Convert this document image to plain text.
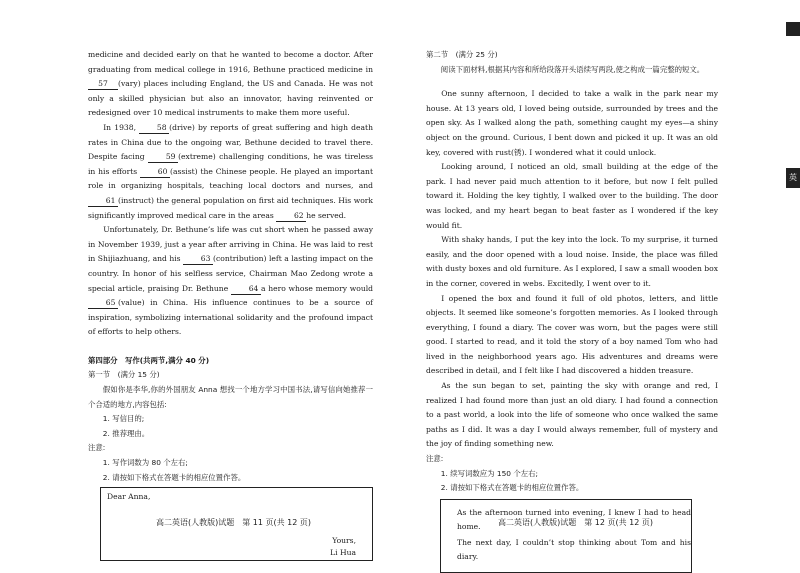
medicine and decided early on that he wanted to become a doctor. After graduating from medical college in 1916, Bethune practiced medicine in 57 (vary) places including England, the US and Canada. He was not only a skilled physician but also an innovator, having reinvented or redesigned over 10 medical instruments to make them more useful.

In 1938, 58 (drive) by reports of great suffering and high death rates in China due to the ongoing war, Bethune decided to travel there. Despite facing 59 (extreme) challenging conditions, he was tireless in his efforts 60 (assist) the Chinese people. He played an important role in organizing hospitals, teaching local doctors and nurses, and 61 (instruct) the general population on first aid techniques. His work significantly improved medical care in the areas 62 he served.

Unfortunately, Dr. Bethune’s life was cut short when he passed away in November 1939, just a year after arriving in China. He was laid to rest in Shijiazhuang, and his 63 (contribution) left a lasting impact on the country. In honor of his selfless service, Chairman Mao Zedong wrote a special article, praising Dr. Bethune 64 a hero whose memory would 65 (value) in China. His influence continues to be a source of inspiration, symbolizing international solidarity and the profound impact of efforts to help others.

第四部分　写作(共两节,满分 40 分)

第一节　(满分 15 分)

假如你是李华,你的外国朋友 Anna 想找一个地方学习中国书法,请写信向她推荐一个合适的地方,内容包括:

1. 写信目的;

2. 推荐理由。

注意:

1. 写作词数为 80 个左右;

2. 请按如下格式在答题卡的相应位置作答。

Dear Anna,
Yours,
Li Hua
高二英语(人教版)试题　第 11 页(共 12 页)

第二节　(满分 25 分)

阅读下面材料,根据其内容和所给段落开头语续写两段,使之构成一篇完整的短文。

One sunny afternoon, I decided to take a walk in the park near my house. At 13 years old, I loved being outside, surrounded by trees and the open sky. As I walked along the path, something caught my eyes—a shiny object on the ground. Curious, I bent down and picked it up. It was an old key, covered with rust(锈). I wondered what it could unlock.

Looking around, I noticed an old, small building at the edge of the park. I had never paid much attention to it before, but now I felt pulled toward it. Holding the key tightly, I walked over to the building. The door was locked, and my heart began to beat faster as I wondered if the key would fit.

With shaky hands, I put the key into the lock. To my surprise, it turned easily, and the door opened with a loud noise. Inside, the place was filled with dusty boxes and old furniture. As I explored, I saw a small wooden box in the corner, covered in webs. Excitedly, I went over to it.

I opened the box and found it full of old photos, letters, and little objects. It seemed like someone’s forgotten memories. As I looked through everything, I found a diary. The cover was worn, but the pages were still good. I started to read, and it told the story of a boy named Tom who had lived in the neighborhood years ago. His adventures and dreams were described in detail, and I felt like I had discovered a hidden treasure.

As the sun began to set, painting the sky with orange and red, I realized I had found more than just an old diary. I had found a connection to a past world, a look into the life of someone who once walked the same paths as I did. It was a day I would always remember, full of mystery and the joy of finding something new.

注意:

1. 续写词数应为 150 个左右;

2. 请按如下格式在答题卡的相应位置作答。

As the afternoon turned into evening, I knew I had to head home.
The next day, I couldn’t stop thinking about Tom and his diary.
高二英语(人教版)试题　第 12 页(共 12 页)
英
